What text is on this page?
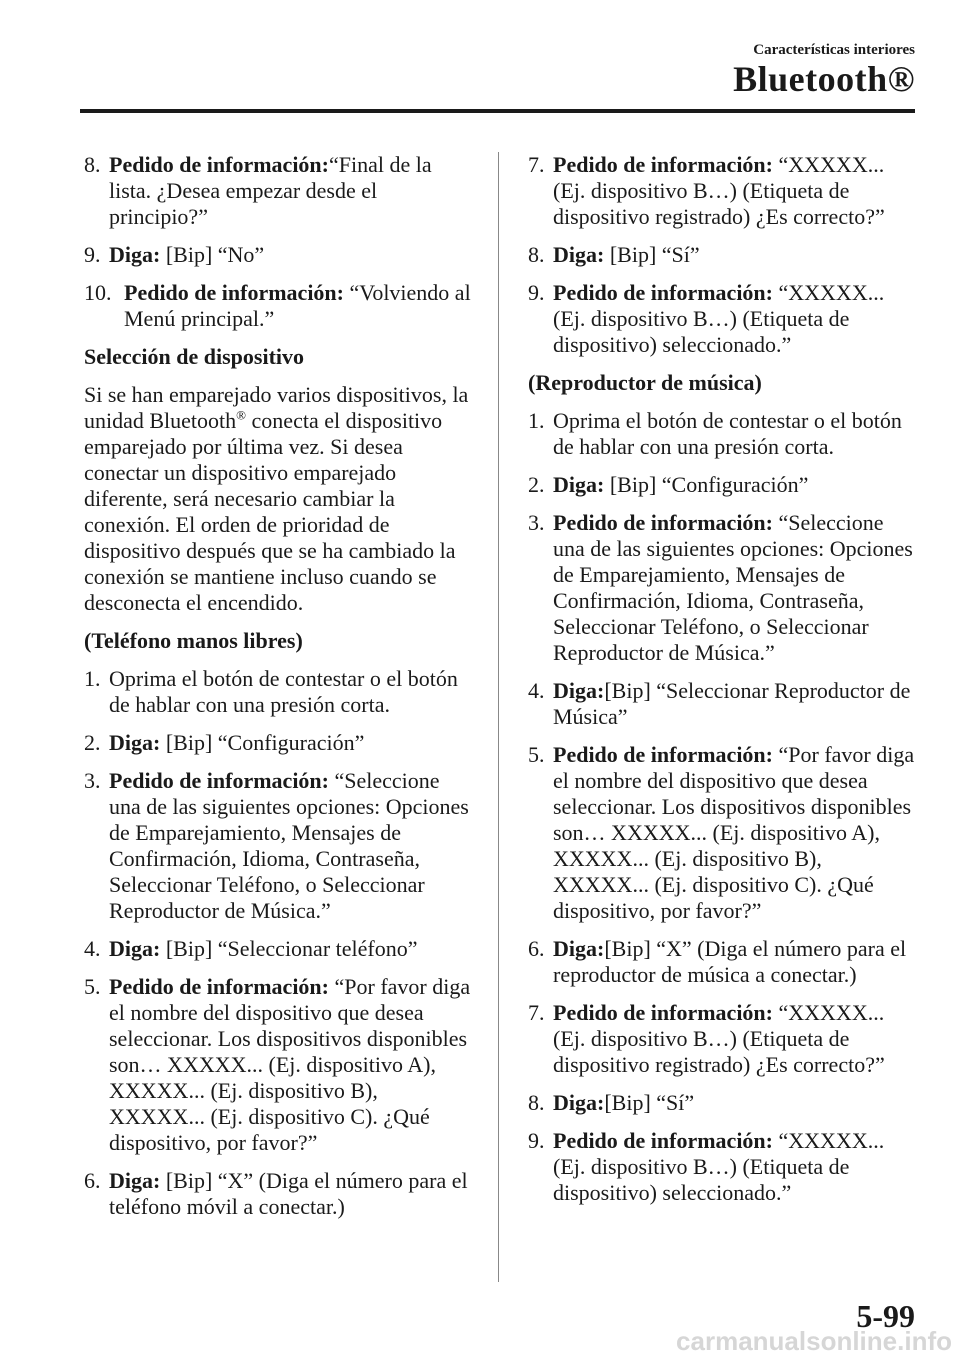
Características interiores
Bluetooth®
8. Pedido de información:“Final de la lista. ¿Desea empezar desde el principio?”
9. Diga: [Bip] “No”
10. Pedido de información: “Volviendo al Menú principal.”
Selección de dispositivo
Si se han emparejado varios dispositivos, la unidad Bluetooth® conecta el dispositivo emparejado por última vez. Si desea conectar un dispositivo emparejado diferente, será necesario cambiar la conexión. El orden de prioridad de dispositivo después que se ha cambiado la conexión se mantiene incluso cuando se desconecta el encendido.
(Teléfono manos libres)
1. Oprima el botón de contestar o el botón de hablar con una presión corta.
2. Diga: [Bip] “Configuración”
3. Pedido de información: “Seleccione una de las siguientes opciones: Opciones de Emparejamiento, Mensajes de Confirmación, Idioma, Contraseña, Seleccionar Teléfono, o Seleccionar Reproductor de Música.”
4. Diga: [Bip] “Seleccionar teléfono”
5. Pedido de información: “Por favor diga el nombre del dispositivo que desea seleccionar. Los dispositivos disponibles son… XXXXX... (Ej. dispositivo A), XXXXX... (Ej. dispositivo B), XXXXX... (Ej. dispositivo C). ¿Qué dispositivo, por favor?”
6. Diga: [Bip] “X” (Diga el número para el teléfono móvil a conectar.)
7. Pedido de información: “XXXXX... (Ej. dispositivo B…) (Etiqueta de dispositivo registrado) ¿Es correcto?”
8. Diga: [Bip] “Sí”
9. Pedido de información: “XXXXX... (Ej. dispositivo B…) (Etiqueta de dispositivo) seleccionado.”
(Reproductor de música)
1. Oprima el botón de contestar o el botón de hablar con una presión corta.
2. Diga: [Bip] “Configuración”
3. Pedido de información: “Seleccione una de las siguientes opciones: Opciones de Emparejamiento, Mensajes de Confirmación, Idioma, Contraseña, Seleccionar Teléfono, o Seleccionar Reproductor de Música.”
4. Diga:[Bip] “Seleccionar Reproductor de Música”
5. Pedido de información: “Por favor diga el nombre del dispositivo que desea seleccionar. Los dispositivos disponibles son… XXXXX... (Ej. dispositivo A), XXXXX... (Ej. dispositivo B), XXXXX... (Ej. dispositivo C). ¿Qué dispositivo, por favor?”
6. Diga:[Bip] “X” (Diga el número para el reproductor de música a conectar.)
7. Pedido de información: “XXXXX... (Ej. dispositivo B…) (Etiqueta de dispositivo registrado) ¿Es correcto?”
8. Diga:[Bip] “Sí”
9. Pedido de información: “XXXXX... (Ej. dispositivo B…) (Etiqueta de dispositivo) seleccionado.”
5-99
carmanualsonline.info
